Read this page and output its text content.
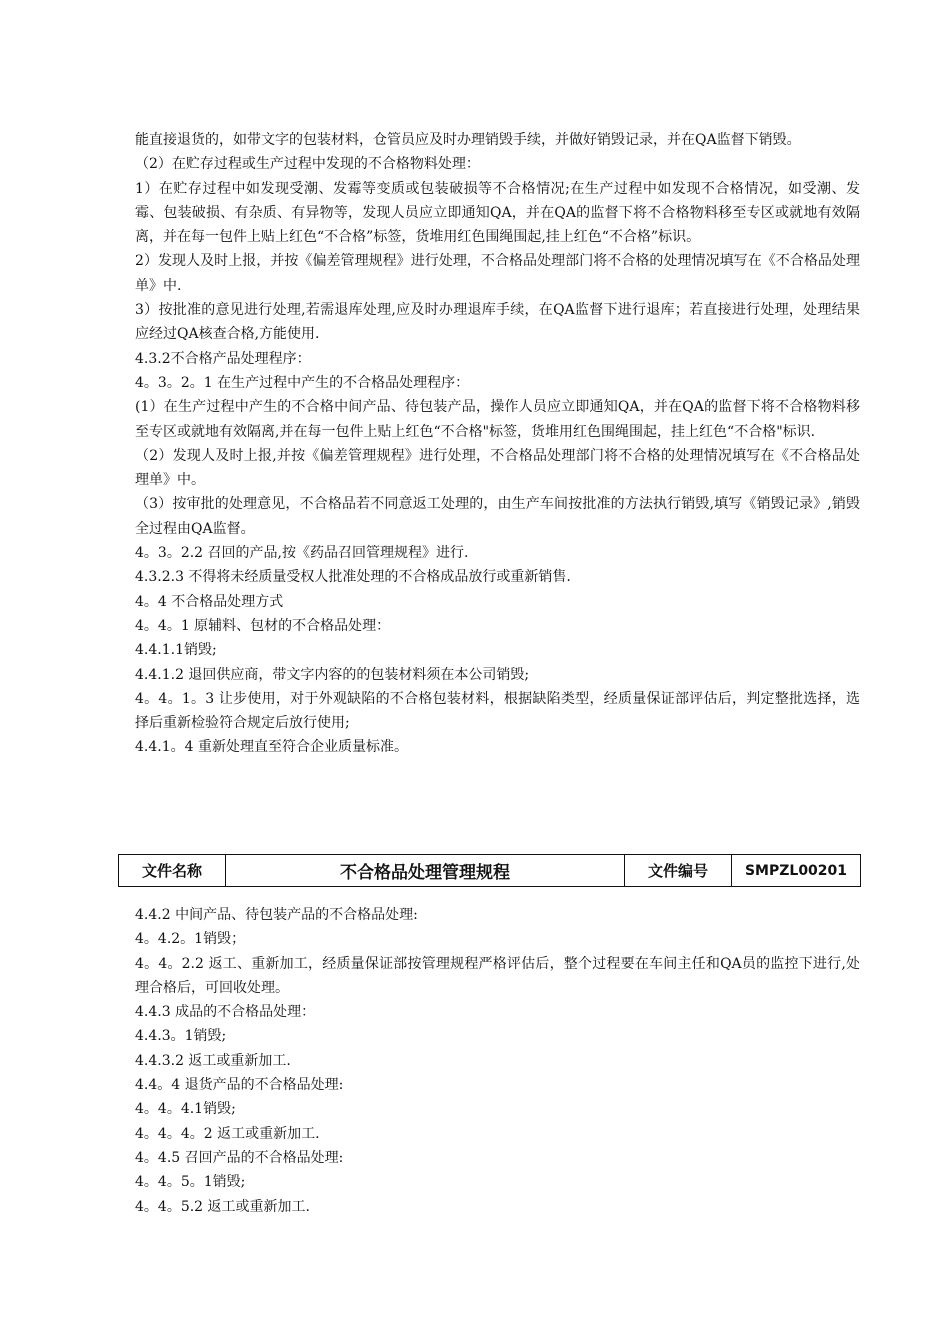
能直接退货的，如带文字的包装材料，仓管员应及时办理销毁手续，并做好销毁记录，并在QA监督下销毁。

（2）在贮存过程或生产过程中发现的不合格物料处理：

1）在贮存过程中如发现受潮、发霉等变质或包装破损等不合格情况;在生产过程中如发现不合格情况，如受潮、发霉、包装破损、有杂质、有异物等，发现人员应立即通知QA，并在QA的监督下将不合格物料移至专区或就地有效隔离，并在每一包件上贴上红色“不合格”标签，货堆用红色围绳围起,挂上红色“不合格”标识。

2）发现人及时上报，并按《偏差管理规程》进行处理，不合格品处理部门将不合格的处理情况填写在《不合格品处理单》中.

3）按批准的意见进行处理,若需退库处理,应及时办理退库手续，在QA监督下进行退库；若直接进行处理，处理结果应经过QA核查合格,方能使用.

4.3.2不合格产品处理程序：

4。3。2。1 在生产过程中产生的不合格品处理程序：

(1）在生产过程中产生的不合格中间产品、待包装产品，操作人员应立即通知QA，并在QA的监督下将不合格物料移至专区或就地有效隔离,并在每一包件上贴上红色“不合格"标签，货堆用红色围绳围起，挂上红色“不合格"标识.

（2）发现人及时上报,并按《偏差管理规程》进行处理，不合格品处理部门将不合格的处理情况填写在《不合格品处理单》中。

（3）按审批的处理意见，不合格品若不同意返工处理的，由生产车间按批准的方法执行销毁,填写《销毁记录》,销毁全过程由QA监督。

4。3。2.2 召回的产品,按《药品召回管理规程》进行.

4.3.2.3 不得将未经质量受权人批准处理的不合格成品放行或重新销售.

4。4 不合格品处理方式

4。4。1 原辅料、包材的不合格品处理：

4.4.1.1销毁;

4.4.1.2 退回供应商，带文字内容的的包装材料须在本公司销毁;

4。4。1。3 让步使用，对于外观缺陷的不合格包装材料，根据缺陷类型，经质量保证部评估后，判定整批选择，选择后重新检验符合规定后放行使用;

4.4.1。4 重新处理直至符合企业质量标准。

文件名称	不合格品处理管理规程	文件编号	SMPZL00201

4.4.2 中间产品、待包装产品的不合格品处理:

4。4.2。1销毁；

4。4。2.2 返工、重新加工，经质量保证部按管理规程严格评估后，整个过程要在车间主任和QA员的监控下进行,处理合格后，可回收处理。

4.4.3 成品的不合格品处理：

4.4.3。1销毁;

4.4.3.2 返工或重新加工.

4.4。4 退货产品的不合格品处理:

4。4。4.1销毁;

4。4。4。2 返工或重新加工.

4。4.5 召回产品的不合格品处理:

4。4。5。1销毁;

4。4。5.2 返工或重新加工.
